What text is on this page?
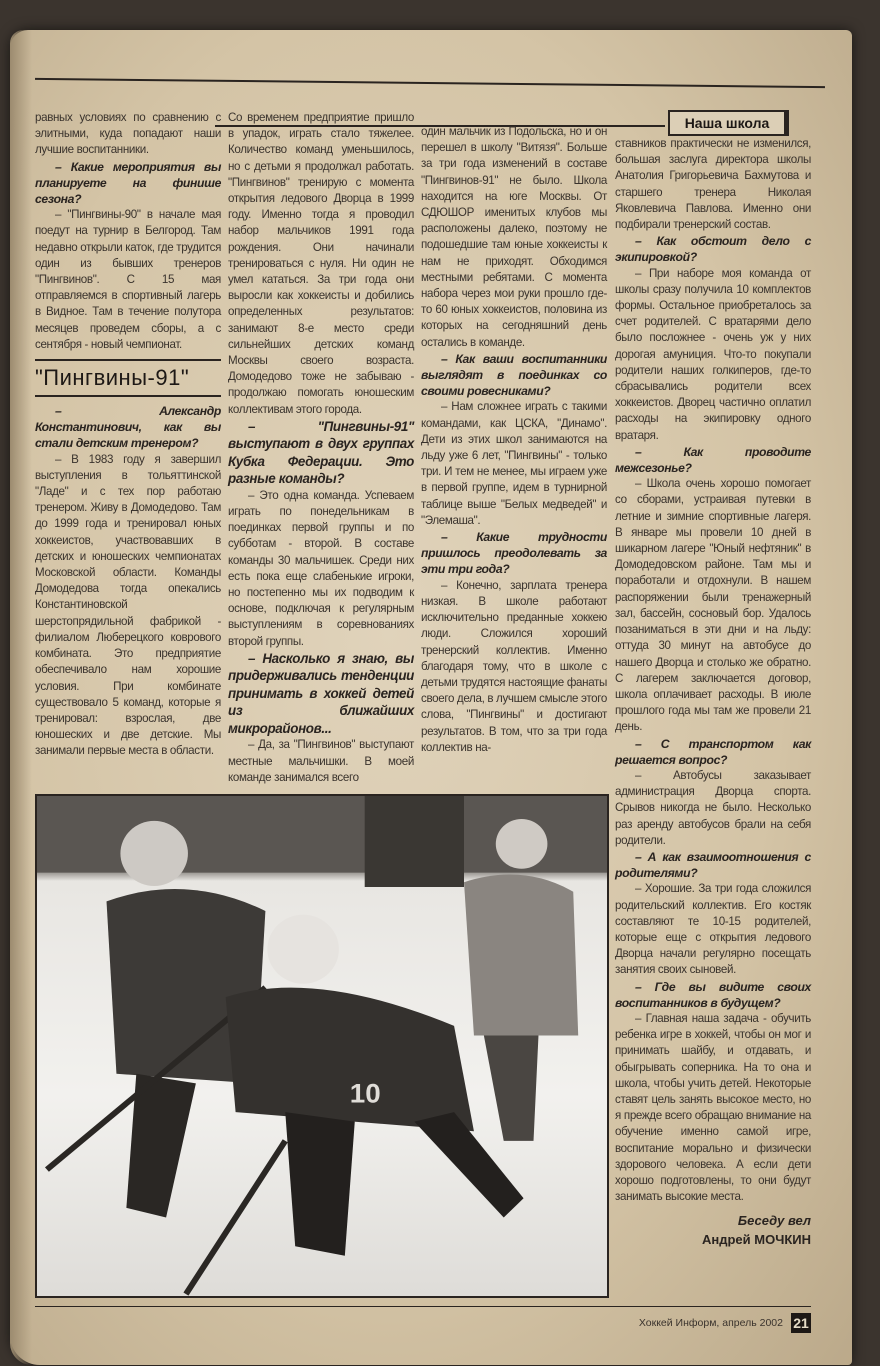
Наша школа

равных условиях по сравнению с элитными, куда попадают наши лучшие воспитанники.

– Какие мероприятия вы планируете на финише сезона?

– "Пингвины-90" в начале мая поедут на турнир в Белгород. Там недавно открыли каток, где трудится один из бывших тренеров "Пингвинов". С 15 мая отправляемся в спортивный лагерь в Видное. Там в течение полутора месяцев проведем сборы, а с сентября - новый чемпионат.

"Пингвины-91"

– Александр Константинович, как вы стали детским тренером?

– В 1983 году я завершил выступления в тольяттинской "Ладе" и с тех пор работаю тренером. Живу в Домодедово. Там до 1999 года и тренировал юных хоккеистов, участвовавших в детских и юношеских чемпионатах Московской области. Команды Домодедова тогда опекались Константиновской шерстопрядильной фабрикой - филиалом Люберецкого коврового комбината. Это предприятие обеспечивало нам хорошие условия. При комбинате существовало 5 команд, которые я тренировал: взрослая, две юношеских и две детские. Мы занимали первые места в области.

Со временем предприятие пришло в упадок, играть стало тяжелее. Количество команд уменьшилось, но с детьми я продолжал работать. "Пингвинов" тренирую с момента открытия ледового Дворца в 1999 году. Именно тогда я проводил набор мальчиков 1991 года рождения. Они начинали тренироваться с нуля. Ни один не умел кататься. За три года они выросли как хоккеисты и добились определенных результатов: занимают 8-е место среди сильнейших детских команд Москвы своего возраста. Домодедово тоже не забываю - продолжаю помогать юношеским коллективам этого города.

– "Пингвины-91" выступают в двух группах Кубка Федерации. Это разные команды?

– Это одна команда. Успеваем играть по понедельникам в поединках первой группы и по субботам - второй. В составе команды 30 мальчишек. Среди них есть пока еще слабенькие игроки, но постепенно мы их подводим к основе, подключая к регулярным выступлениям в соревнованиях второй группы.

– Насколько я знаю, вы придерживались тенденции принимать в хоккей детей из ближайших микрорайонов...

– Да, за "Пингвинов" выступают местные мальчишки. В моей команде занимался всего

один мальчик из Подольска, но и он перешел в школу "Витязя". Больше за три года изменений в составе "Пингвинов-91" не было. Школа находится на юге Москвы. От СДЮШОР именитых клубов мы расположены далеко, поэтому не подошедшие там юные хоккеисты к нам не приходят. Обходимся местными ребятами. С момента набора через мои руки прошло где-то 60 юных хоккеистов, половина из которых на сегодняшний день остались в команде.

– Как ваши воспитанники выглядят в поединках со своими ровесниками?

– Нам сложнее играть с такими командами, как ЦСКА, "Динамо". Дети из этих школ занимаются на льду уже 6 лет, "Пингвины" - только три. И тем не менее, мы играем уже в первой группе, идем в турнирной таблице выше "Белых медведей" и "Элемаша".

– Какие трудности пришлось преодолевать за эти три года?

– Конечно, зарплата тренера низкая. В школе работают исключительно преданные хоккею люди. Сложился хороший тренерский коллектив. Именно благодаря тому, что в школе с детьми трудятся настоящие фанаты своего дела, в лучшем смысле этого слова, "Пингвины" и достигают результатов. В том, что за три года коллектив на-

10

ставников практически не изменился, большая заслуга директора школы Анатолия Григорьевича Бахмутова и старшего тренера Николая Яковлевича Павлова. Именно они подбирали тренерский состав.

– Как обстоит дело с экипировкой?

– При наборе моя команда от школы сразу получила 10 комплектов формы. Остальное приобреталось за счет родителей. С вратарями дело было посложнее - очень уж у них дорогая амуниция. Что-то покупали родители наших голкиперов, где-то сбрасывались родители всех хоккеистов. Дворец частично оплатил расходы на экипировку одного вратаря.

– Как проводите межсезонье?

– Школа очень хорошо помогает со сборами, устраивая путевки в летние и зимние спортивные лагеря. В январе мы провели 10 дней в шикарном лагере "Юный нефтяник" в Домодедовском районе. Там мы и поработали и отдохнули. В нашем распоряжении были тренажерный зал, бассейн, сосновый бор. Удалось позаниматься в эти дни и на льду: оттуда 30 минут на автобусе до нашего Дворца и столько же обратно. С лагерем заключается договор, школа оплачивает расходы. В июле прошлого года мы там же провели 21 день.

– С транспортом как решается вопрос?

– Автобусы заказывает администрация Дворца спорта. Срывов никогда не было. Несколько раз аренду автобусов брали на себя родители.

– А как взаимоотношения с родителями?

– Хорошие. За три года сложился родительский коллектив. Его костяк составляют те 10-15 родителей, которые еще с открытия ледового Дворца начали регулярно посещать занятия своих сыновей.

– Где вы видите своих воспитанников в будущем?

– Главная наша задача - обучить ребенка игре в хоккей, чтобы он мог и принимать шайбу, и отдавать, и обыгрывать соперника. На то она и школа, чтобы учить детей. Некоторые ставят цель занять высокое место, но я прежде всего обращаю внимание на обучение именно самой игре, воспитание морально и физически здорового человека. А если дети хорошо подготовлены, то они будут занимать высокие места.

Беседу вел
Андрей МОЧКИН
Хоккей Информ, апрель 2002 21
